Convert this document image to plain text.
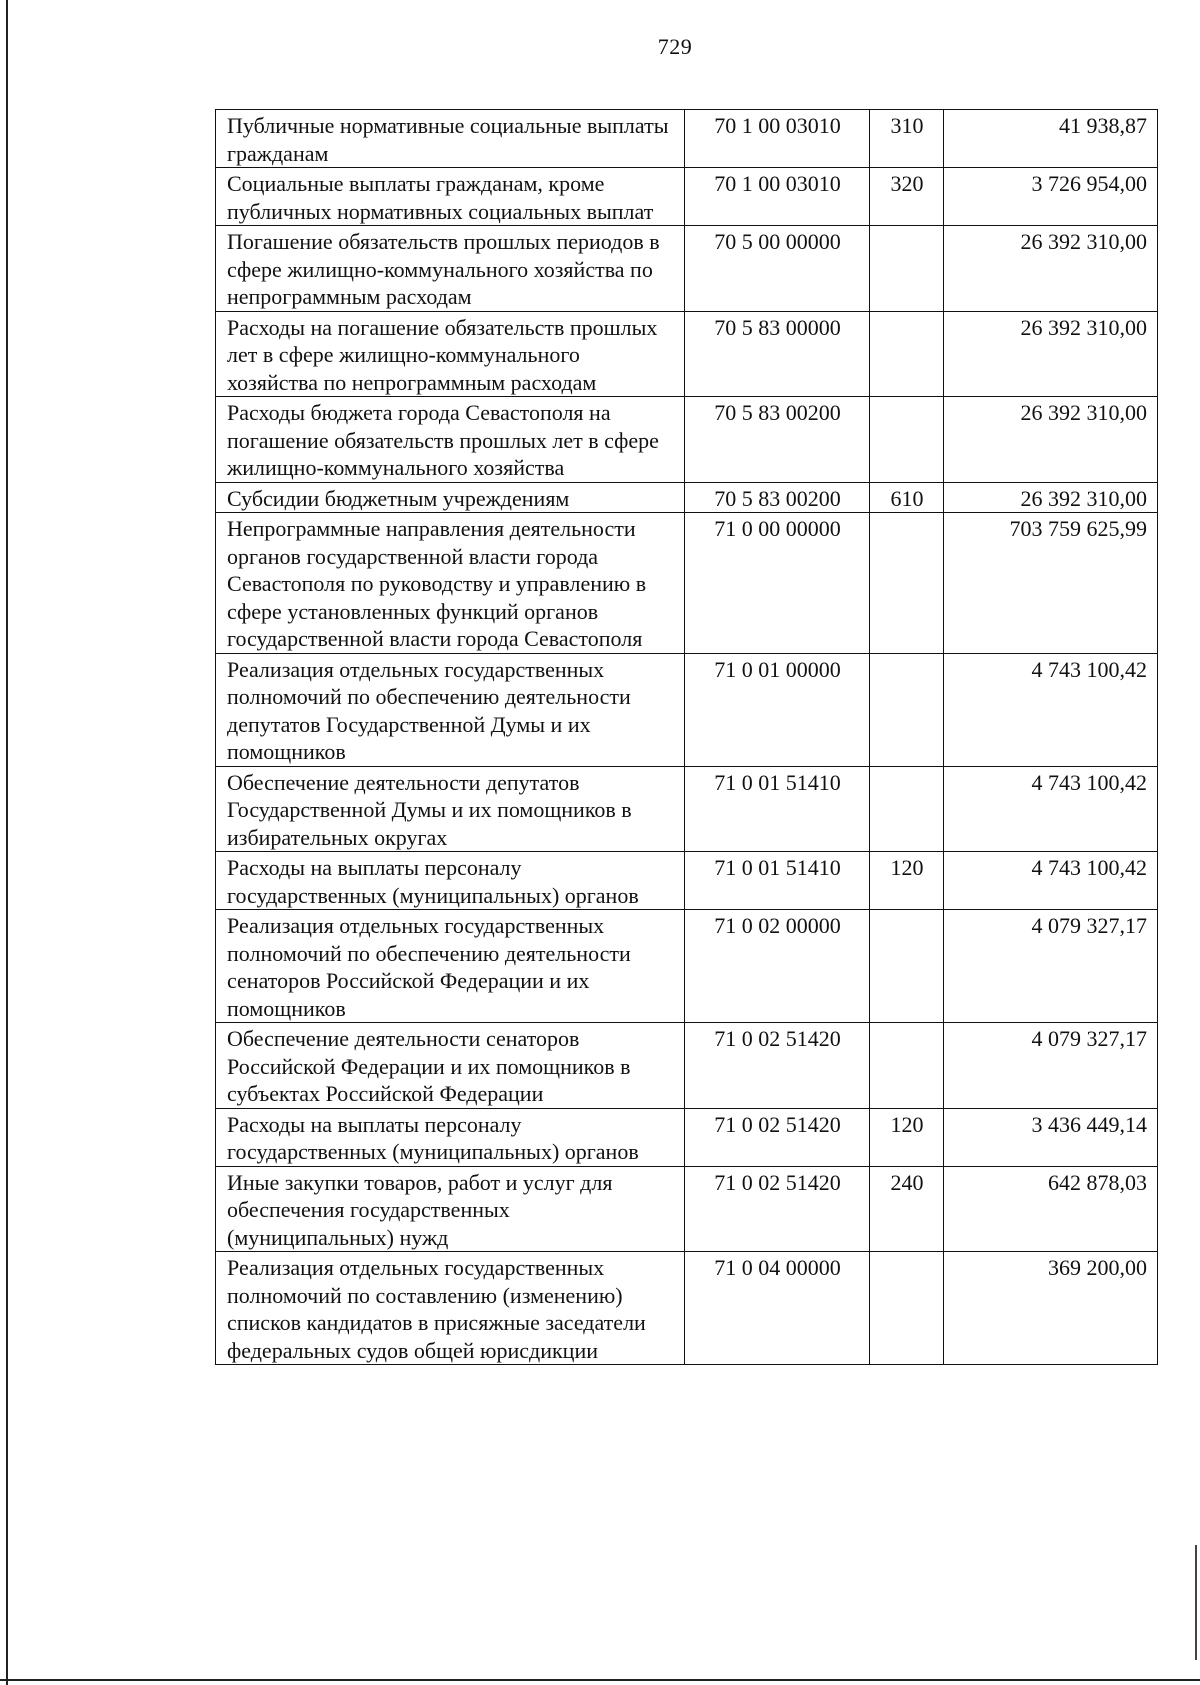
729
Публичные нормативные социальные выплаты гражданам	70 1 00 03010	310	41 938,87
Социальные выплаты гражданам, кроме публичных нормативных социальных выплат	70 1 00 03010	320	3 726 954,00
Погашение обязательств прошлых периодов в сфере жилищно-коммунального хозяйства по непрограммным расходам	70 5 00 00000		26 392 310,00
Расходы на погашение обязательств прошлых лет в сфере жилищно-коммунального хозяйства по непрограммным расходам	70 5 83 00000		26 392 310,00
Расходы бюджета города Севастополя на погашение обязательств прошлых лет в сфере жилищно-коммунального хозяйства	70 5 83 00200		26 392 310,00
Субсидии бюджетным учреждениям	70 5 83 00200	610	26 392 310,00
Непрограммные направления деятельности органов государственной власти города Севастополя по руководству и управлению в сфере установленных функций органов государственной власти города Севастополя	71 0 00 00000		703 759 625,99
Реализация отдельных государственных полномочий по обеспечению деятельности депутатов Государственной Думы и их помощников	71 0 01 00000		4 743 100,42
Обеспечение деятельности депутатов Государственной Думы и их помощников в избирательных округах	71 0 01 51410		4 743 100,42
Расходы на выплаты персоналу государственных (муниципальных) органов	71 0 01 51410	120	4 743 100,42
Реализация отдельных государственных полномочий по обеспечению деятельности сенаторов Российской Федерации и их помощников	71 0 02 00000		4 079 327,17
Обеспечение деятельности сенаторов Российской Федерации и их помощников в субъектах Российской Федерации	71 0 02 51420		4 079 327,17
Расходы на выплаты персоналу государственных (муниципальных) органов	71 0 02 51420	120	3 436 449,14
Иные закупки товаров, работ и услуг для обеспечения государственных (муниципальных) нужд	71 0 02 51420	240	642 878,03
Реализация отдельных государственных полномочий по составлению (изменению) списков кандидатов в присяжные заседатели федеральных судов общей юрисдикции	71 0 04 00000		369 200,00
